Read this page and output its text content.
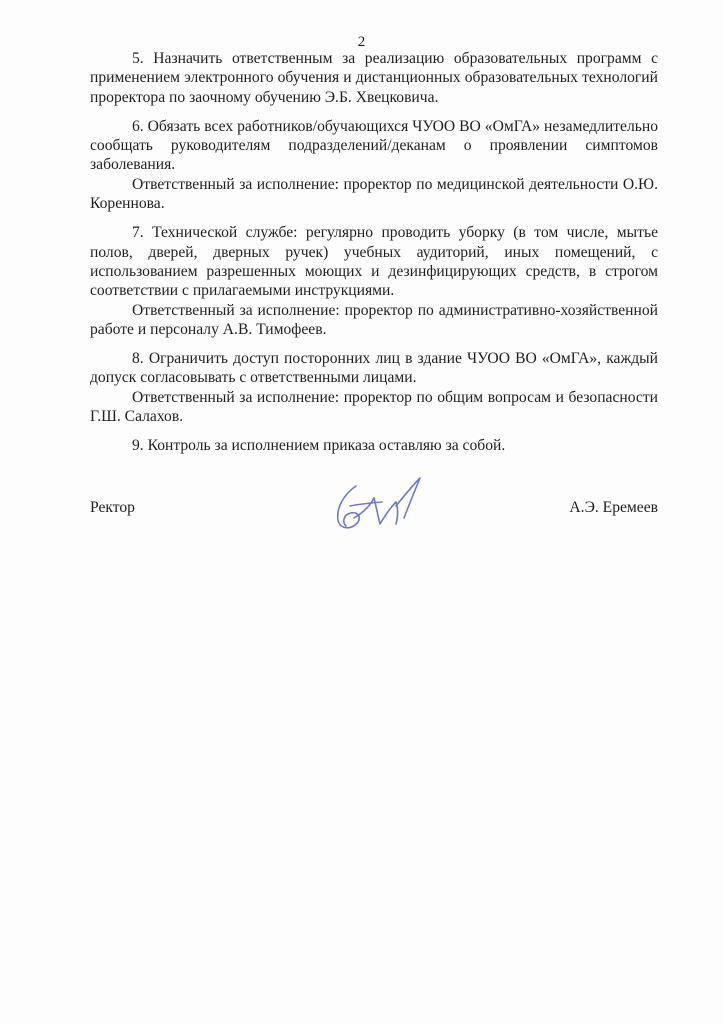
2

5. Назначить ответственным за реализацию образовательных программ с применением электронного обучения и дистанционных образовательных технологий проректора по заочному обучению Э.Б. Хвецковича.

6. Обязать всех работников/обучающихся ЧУОО ВО «ОмГА» незамедлительно сообщать руководителям подразделений/деканам о проявлении симптомов заболевания.

Ответственный за исполнение: проректор по медицинской деятельности О.Ю. Кореннова.

7. Технической службе: регулярно проводить уборку (в том числе, мытье полов, дверей, дверных ручек) учебных аудиторий, иных помещений, с использованием разрешенных моющих и дезинфицирующих средств, в строгом соответствии с прилагаемыми инструкциями.

Ответственный за исполнение: проректор по административно-хозяйственной работе и персоналу А.В. Тимофеев.

8. Ограничить доступ посторонних лиц в здание ЧУОО ВО «ОмГА», каждый допуск согласовывать с ответственными лицами.

Ответственный за исполнение: проректор по общим вопросам и безопасности Г.Ш. Салахов.

9. Контроль за исполнением приказа оставляю за собой.

Ректор	А.Э. Еремеев
